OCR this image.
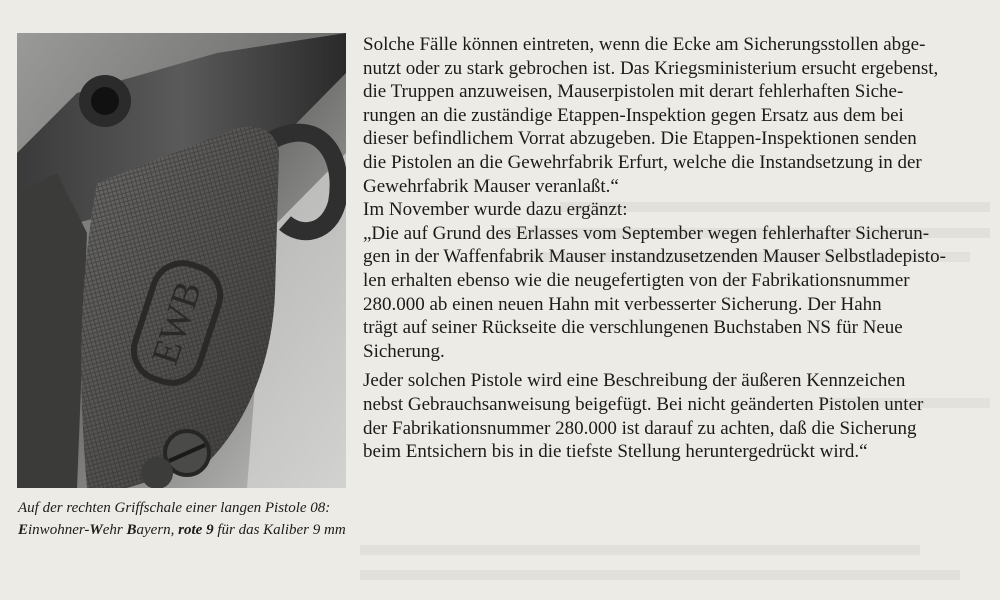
EWB
Auf der rechten Griffschale einer langen Pistole 08: Einwohner-Wehr Bayern, rote 9 für das Kaliber 9 mm

Solche Fälle können eintreten, wenn die Ecke am Sicherungsstollen abge-
nutzt oder zu stark gebrochen ist. Das Kriegsministerium ersucht ergebenst,
die Truppen anzuweisen, Mauserpistolen mit derart fehlerhaften Siche-
rungen an die zuständige Etappen-Inspektion gegen Ersatz aus dem bei
dieser befindlichem Vorrat abzugeben. Die Etappen-Inspektionen senden
die Pistolen an die Gewehrfabrik Erfurt, welche die Instandsetzung in der
Gewehrfabrik Mauser veranlaßt.“

Im November wurde dazu ergänzt:
„Die auf Grund des Erlasses vom September wegen fehlerhafter Sicherun-
gen in der Waffenfabrik Mauser instandzusetzenden Mauser Selbstladepisto-
len erhalten ebenso wie die neugefertigten von der Fabrikationsnummer
280.000 ab einen neuen Hahn mit verbesserter Sicherung. Der Hahn
trägt auf seiner Rückseite die verschlungenen Buchstaben NS für Neue
Sicherung.

Jeder solchen Pistole wird eine Beschreibung der äußeren Kennzeichen
nebst Gebrauchsanweisung beigefügt. Bei nicht geänderten Pistolen unter
der Fabrikationsnummer 280.000 ist darauf zu achten, daß die Sicherung
beim Entsichern bis in die tiefste Stellung heruntergedrückt wird.“
